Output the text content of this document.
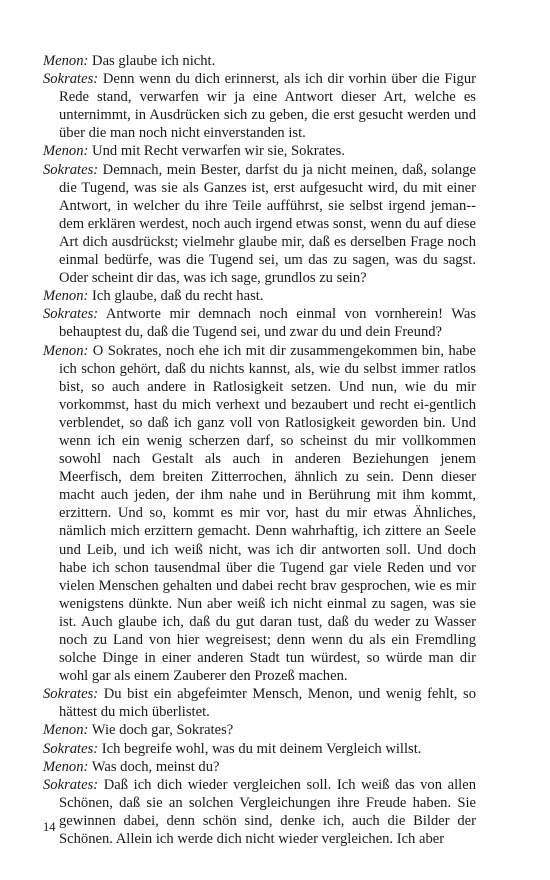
Menon: Das glaube ich nicht.

Sokrates: Denn wenn du dich erinnerst, als ich dir vorhin über die Figur Rede stand, verwarfen wir ja eine Antwort dieser Art, welche es unternimmt, in Ausdrücken sich zu geben, die erst gesucht werden und über die man noch nicht einverstanden ist.

Menon: Und mit Recht verwarfen wir sie, Sokrates.

Sokrates: Demnach, mein Bester, darfst du ja nicht meinen, daß, solange die Tugend, was sie als Ganzes ist, erst aufgesucht wird, du mit einer Antwort, in welcher du ihre Teile aufführst, sie selbst irgend jeman-dem erklären werdest, noch auch irgend etwas sonst, wenn du auf diese Art dich ausdrückst; vielmehr glaube mir, daß es derselben Frage noch einmal bedürfe, was die Tugend sei, um das zu sagen, was du sagst. Oder scheint dir das, was ich sage, grundlos zu sein?

Menon: Ich glaube, daß du recht hast.

Sokrates: Antworte mir demnach noch einmal von vornherein! Was behauptest du, daß die Tugend sei, und zwar du und dein Freund?

Menon: O Sokrates, noch ehe ich mit dir zusammengekommen bin, habe ich schon gehört, daß du nichts kannst, als, wie du selbst immer ratlos bist, so auch andere in Ratlosigkeit setzen. Und nun, wie du mir vorkommst, hast du mich verhext und bezaubert und recht ei-gentlich verblendet, so daß ich ganz voll von Ratlosigkeit geworden bin. Und wenn ich ein wenig scherzen darf, so scheinst du mir vollkommen sowohl nach Gestalt als auch in anderen Beziehungen jenem Meerfisch, dem breiten Zitterrochen, ähnlich zu sein. Denn dieser macht auch jeden, der ihm nahe und in Berührung mit ihm kommt, erzittern. Und so, kommt es mir vor, hast du mir etwas Ähnliches, nämlich mich erzittern gemacht. Denn wahrhaftig, ich zittere an Seele und Leib, und ich weiß nicht, was ich dir antworten soll. Und doch habe ich schon tausendmal über die Tugend gar viele Reden und vor vielen Menschen gehalten und dabei recht brav gesprochen, wie es mir wenigstens dünkte. Nun aber weiß ich nicht einmal zu sagen, was sie ist. Auch glaube ich, daß du gut daran tust, daß du weder zu Wasser noch zu Land von hier wegreisest; denn wenn du als ein Fremdling solche Dinge in einer anderen Stadt tun würdest, so würde man dir wohl gar als einem Zauberer den Prozeß machen.

Sokrates: Du bist ein abgefeimter Mensch, Menon, und wenig fehlt, so hättest du mich überlistet.

Menon: Wie doch gar, Sokrates?

Sokrates: Ich begreife wohl, was du mit deinem Vergleich willst.

Menon: Was doch, meinst du?

Sokrates: Daß ich dich wieder vergleichen soll. Ich weiß das von allen Schönen, daß sie an solchen Vergleichungen ihre Freude haben. Sie gewinnen dabei, denn schön sind, denke ich, auch die Bilder der Schönen. Allein ich werde dich nicht wieder vergleichen. Ich aber

14
